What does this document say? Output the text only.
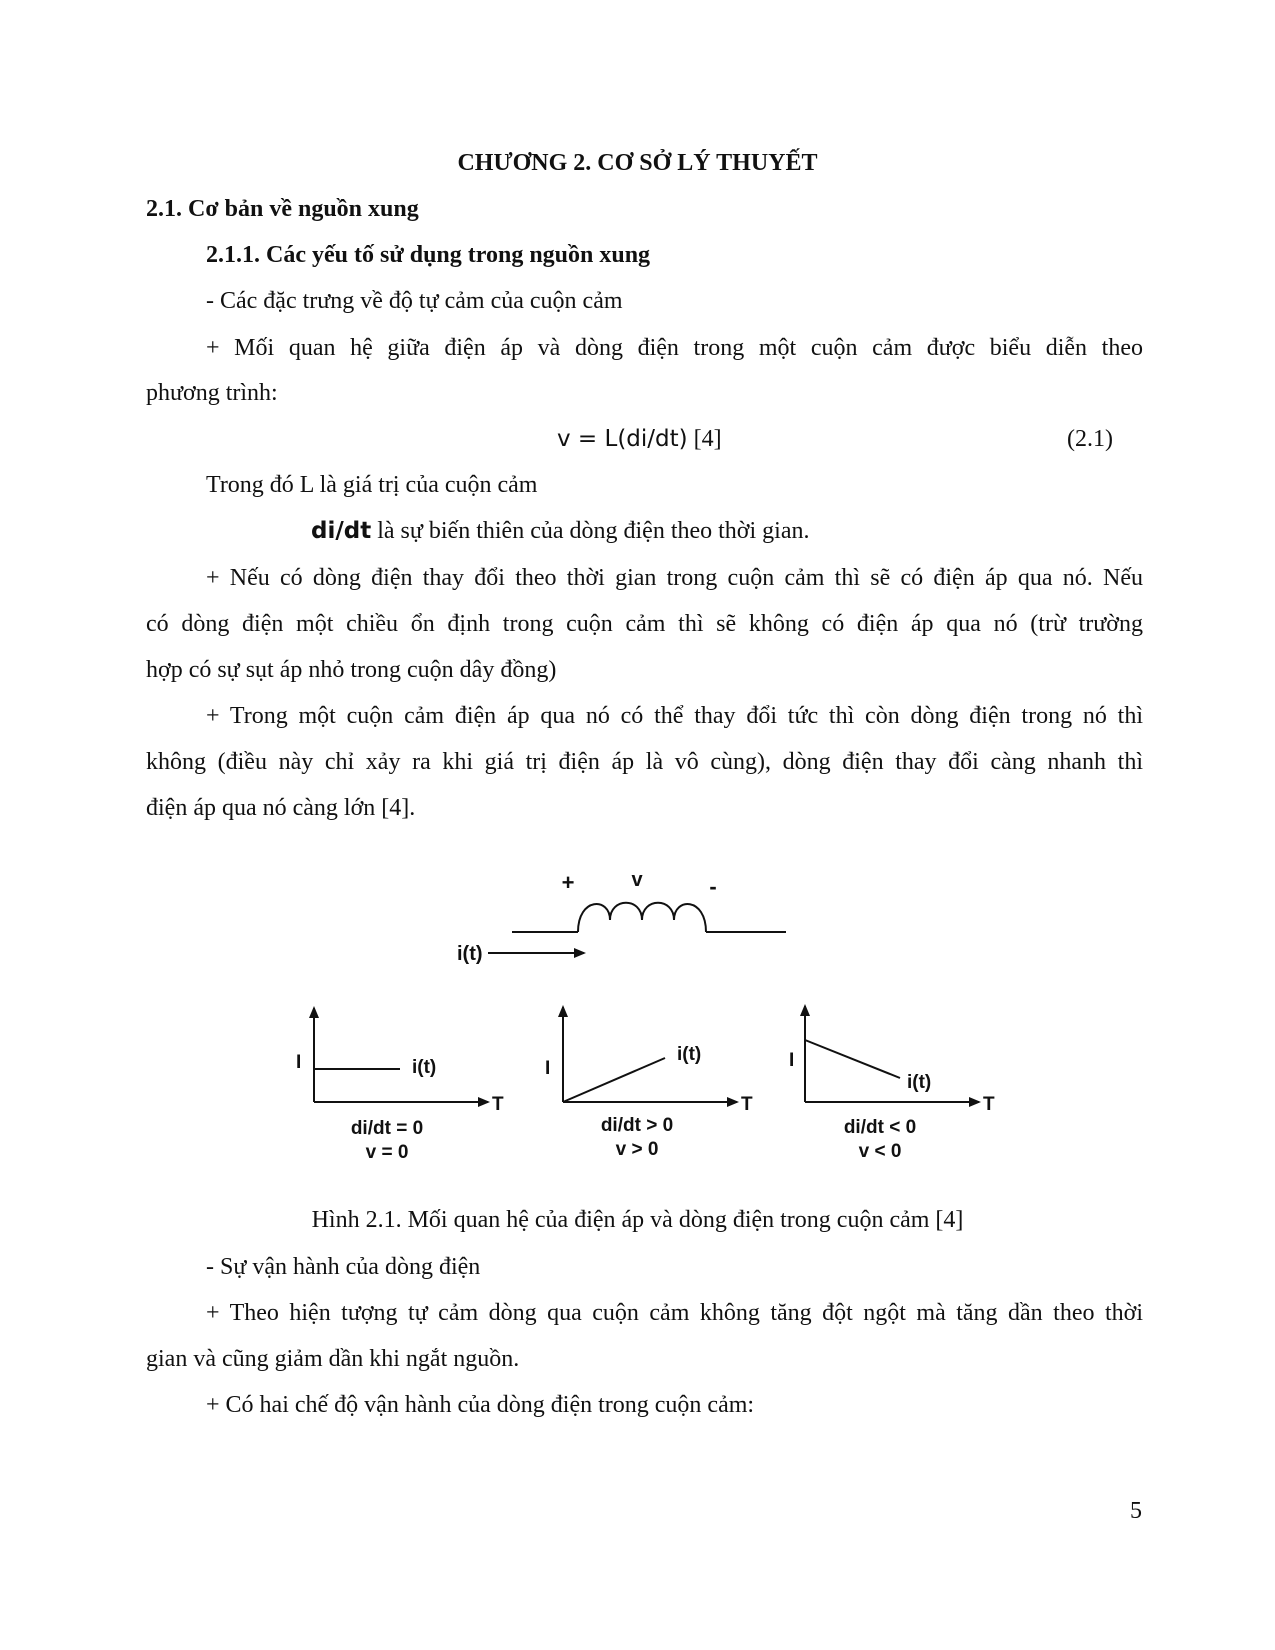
CHƯƠNG 2. CƠ SỞ LÝ THUYẾT
2.1. Cơ bản về nguồn xung
2.1.1. Các yếu tố sử dụng trong nguồn xung
- Các đặc trưng về độ tự cảm của cuộn cảm
+ Mối quan hệ giữa điện áp và dòng điện trong một cuộn cảm được biểu diễn theo
phương trình:
v = L(di/dt) [4]	(2.1)
Trong đó L là giá trị của cuộn cảm
di/dt là sự biến thiên của dòng điện theo thời gian.
+ Nếu có dòng điện thay đổi theo thời gian trong cuộn cảm thì sẽ có điện áp qua nó. Nếu
có dòng điện một chiều ổn định trong cuộn cảm thì sẽ không có điện áp qua nó (trừ trường
hợp có sự sụt áp nhỏ trong cuộn dây đồng)
+ Trong một cuộn cảm điện áp qua nó có thể thay đổi tức thì còn dòng điện trong nó thì
không (điều này chỉ xảy ra khi giá trị điện áp là vô cùng), dòng điện thay đổi càng nhanh thì
điện áp qua nó càng lớn [4].
+	v	-
i(t)
I
T
i(t)
di/dt = 0
v = 0
I
T
i(t)
di/dt > 0
v > 0
I
T
i(t)
di/dt < 0
v < 0
Hình 2.1. Mối quan hệ của điện áp và dòng điện trong cuộn cảm [4]
- Sự vận hành của dòng điện
+ Theo hiện tượng tự cảm dòng qua cuộn cảm không tăng đột ngột mà tăng dần theo thời
gian và cũng giảm dần khi ngắt nguồn.
+ Có hai chế độ vận hành của dòng điện trong cuộn cảm:
5
